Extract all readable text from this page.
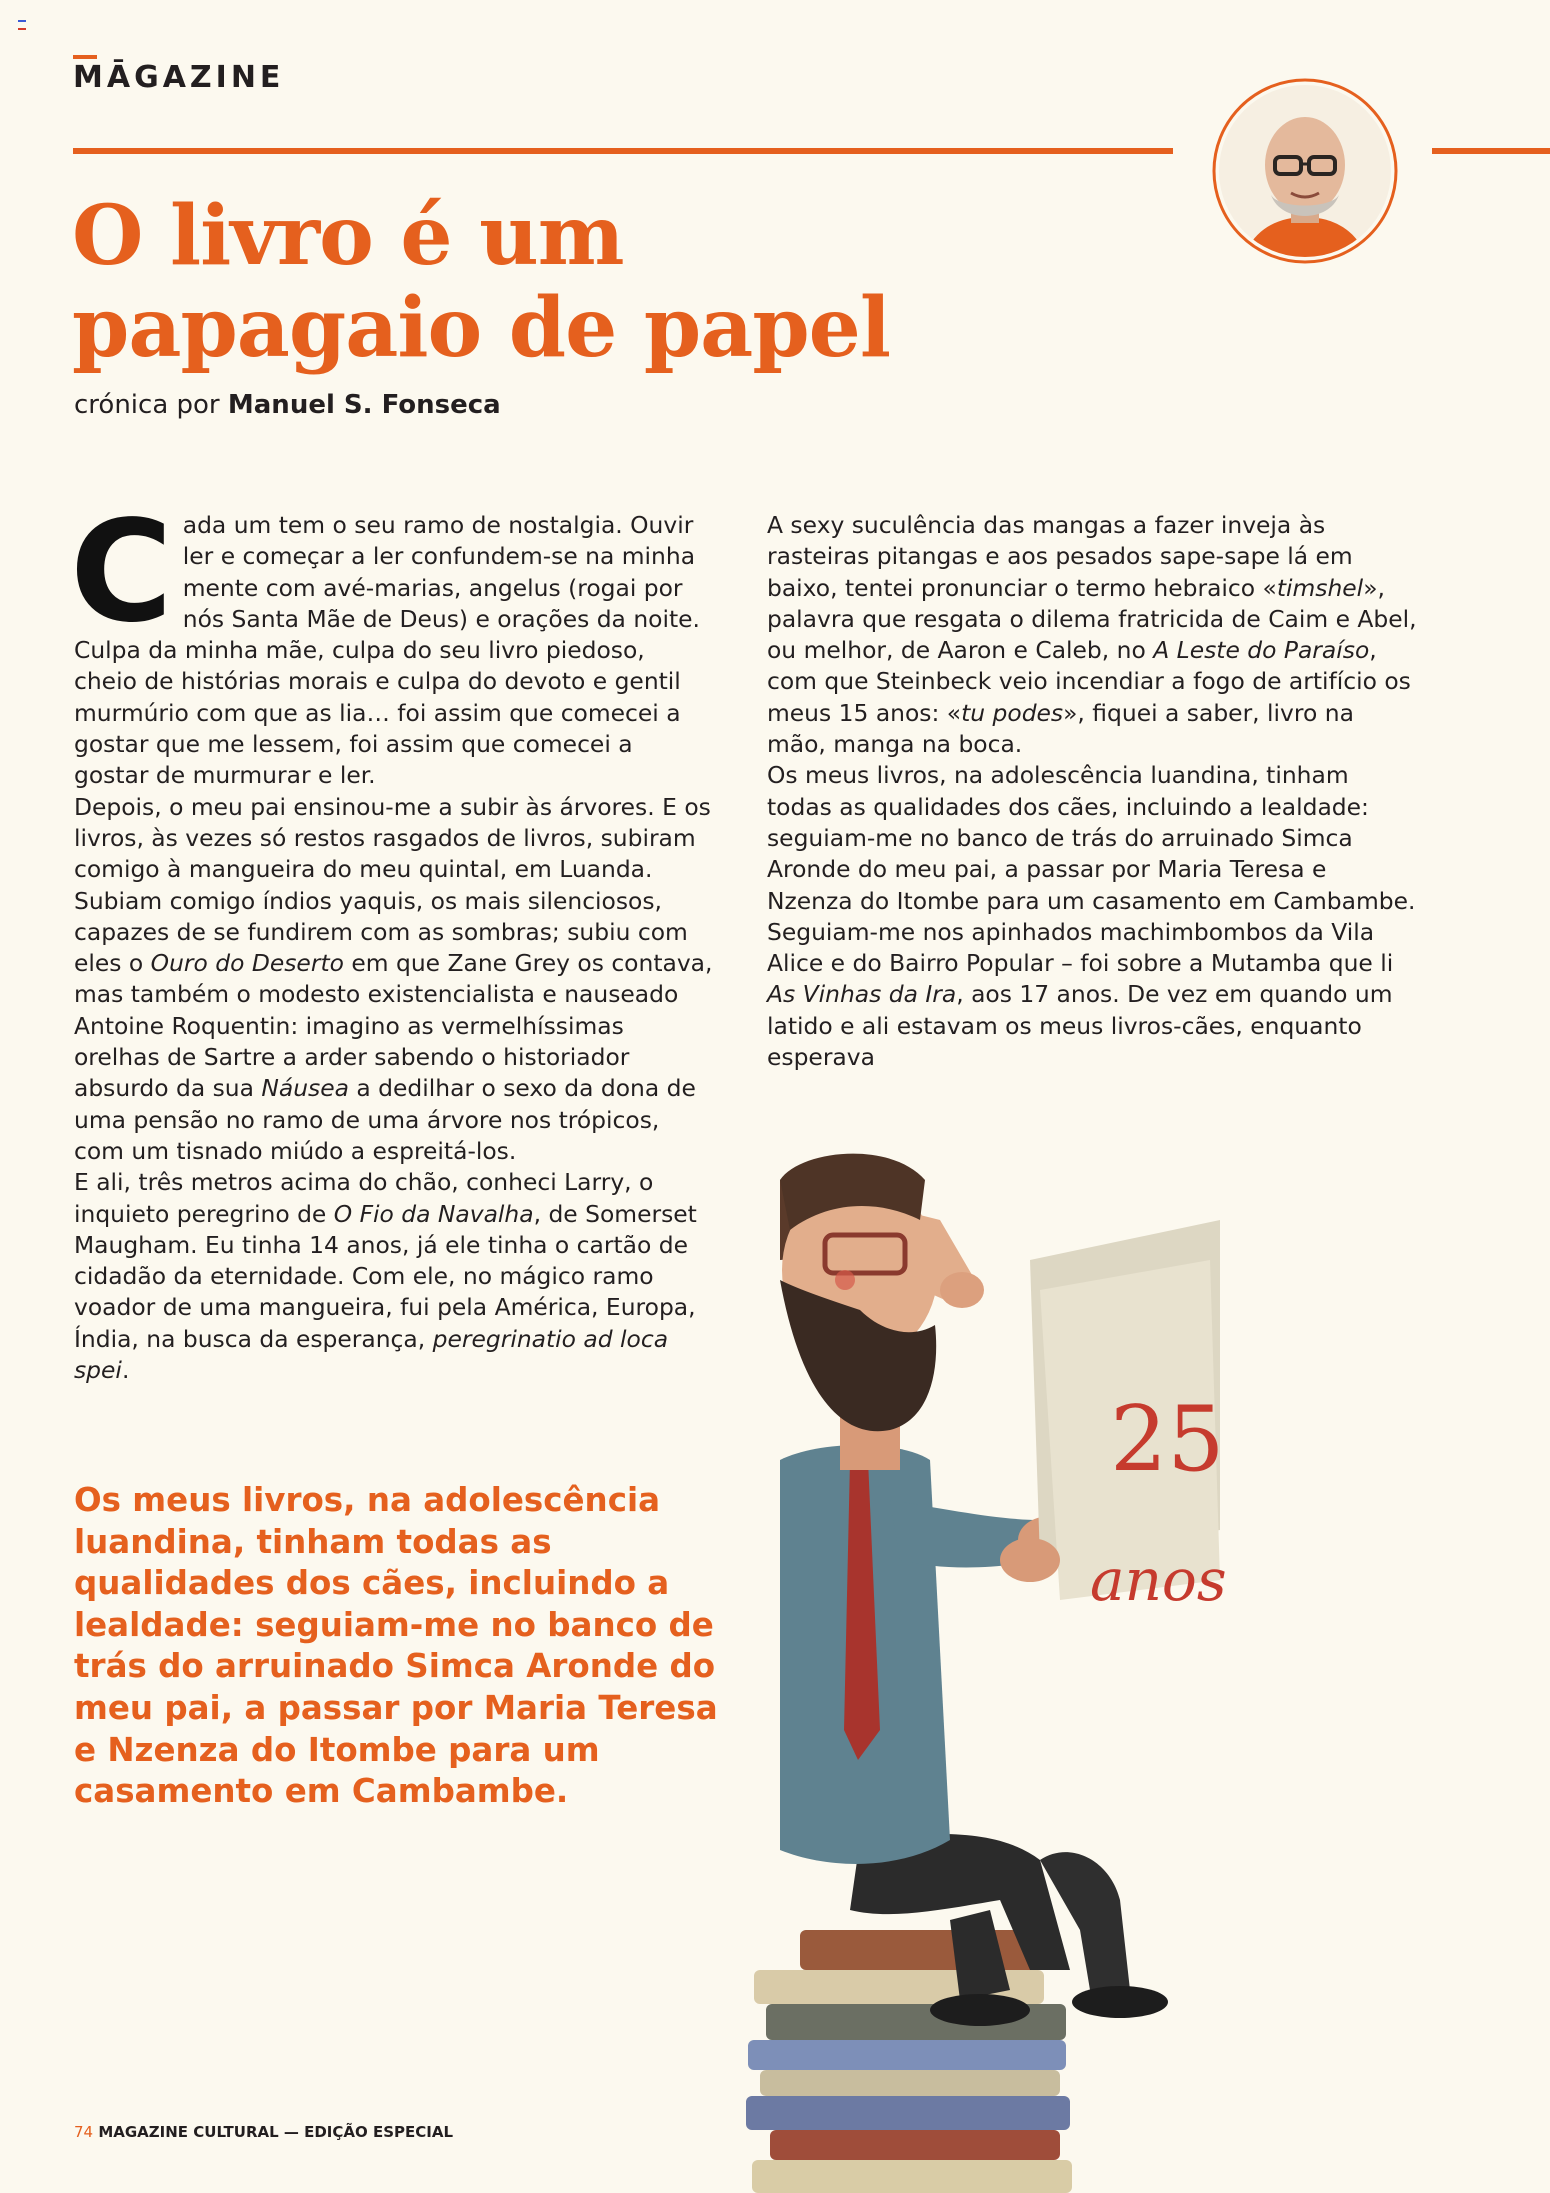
MĀGAZINE
O livro é um papagaio de papel
crónica por Manuel S. Fonseca

Cada um tem o seu ramo de nostalgia. Ouvir ler e começar a ler confundem-se na minha mente com avé-marias, angelus (rogai por nós Santa Mãe de Deus) e orações da noite. Culpa da minha mãe, culpa do seu livro piedoso, cheio de histórias morais e culpa do devoto e gentil murmúrio com que as lia… foi assim que comecei a gostar que me lessem, foi assim que comecei a gostar de murmurar e ler.

Depois, o meu pai ensinou-me a subir às árvores. E os livros, às vezes só restos rasgados de livros, subiram comigo à mangueira do meu quintal, em Luanda.

Subiam comigo índios yaquis, os mais silenciosos, capazes de se fundirem com as sombras; subiu com eles o Ouro do Deserto em que Zane Grey os contava, mas também o modesto existencialista e nauseado Antoine Roquentin: imagino as vermelhíssimas orelhas de Sartre a arder sabendo o historiador absurdo da sua Náusea a dedilhar o sexo da dona de uma pensão no ramo de uma árvore nos trópicos, com um tisnado miúdo a espreitá-los.

E ali, três metros acima do chão, conheci Larry, o inquieto peregrino de O Fio da Navalha, de Somerset Maugham. Eu tinha 14 anos, já ele tinha o cartão de cidadão da eternidade. Com ele, no mágico ramo voador de uma mangueira, fui pela América, Europa, Índia, na busca da esperança, peregrinatio ad loca spei.

A sexy suculência das mangas a fazer inveja às rasteiras pitangas e aos pesados sape-sape lá em baixo, tentei pronunciar o termo hebraico «timshel», palavra que resgata o dilema fratricida de Caim e Abel, ou melhor, de Aaron e Caleb, no A Leste do Paraíso, com que Steinbeck veio incendiar a fogo de artifício os meus 15 anos: «tu podes», fiquei a saber, livro na mão, manga na boca.

Os meus livros, na adolescência luandina, tinham todas as qualidades dos cães, incluindo a lealdade: seguiam-me no banco de trás do arruinado Simca Aronde do meu pai, a passar por Maria Teresa e Nzenza do Itombe para um casamento em Cambambe. Seguiam-me nos apinhados machimbombos da Vila Alice e do Bairro Popular – foi sobre a Mutamba que li As Vinhas da Ira, aos 17 anos. De vez em quando um latido e ali estavam os meus livros-cães, enquanto esperava

Os meus livros, na adolescência luandina, tinham todas as qualidades dos cães, incluindo a lealdade: seguiam-me no banco de trás do arruinado Simca Aronde do meu pai, a passar por Maria Teresa e Nzenza do Itombe para um casamento em Cambambe.

25
anos
74 MAGAZINE CULTURAL — EDIÇÃO ESPECIAL
